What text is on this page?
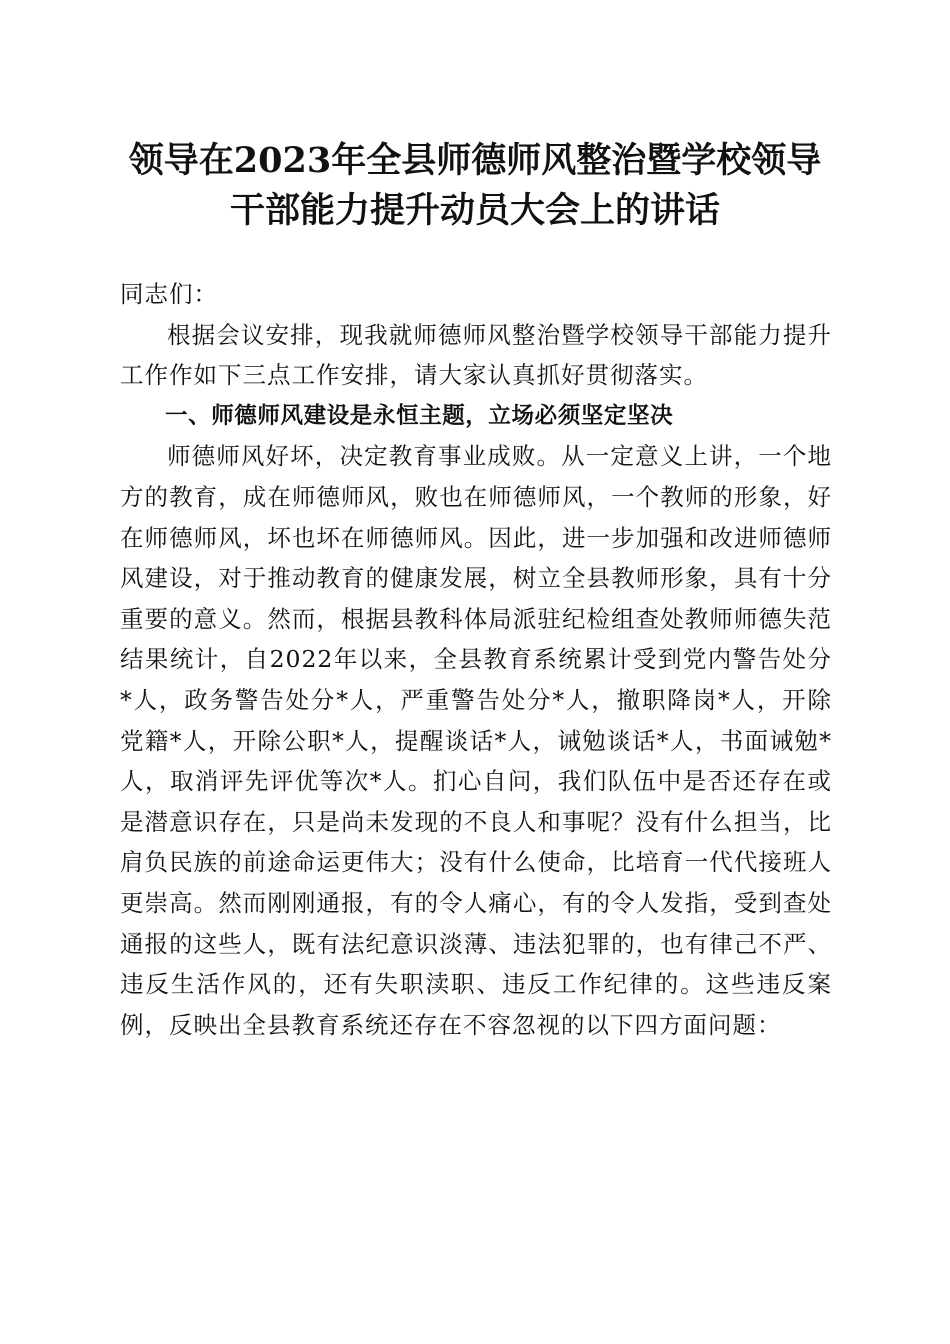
领导在2023年全县师德师风整治暨学校领导
干部能力提升动员大会上的讲话

同志们：

根据会议安排，现我就师德师风整治暨学校领导干部能力提升工作作如下三点工作安排，请大家认真抓好贯彻落实。

一、师德师风建设是永恒主题，立场必须坚定坚决

师德师风好坏，决定教育事业成败。从一定意义上讲，一个地方的教育，成在师德师风，败也在师德师风，一个教师的形象，好在师德师风，坏也坏在师德师风。因此，进一步加强和改进师德师风建设，对于推动教育的健康发展，树立全县教师形象，具有十分重要的意义。然而，根据县教科体局派驻纪检组查处教师师德失范结果统计，自2022年以来，全县教育系统累计受到党内警告处分*人，政务警告处分*人，严重警告处分*人，撤职降岗*人，开除党籍*人，开除公职*人，提醒谈话*人，诫勉谈话*人，书面诫勉*人，取消评先评优等次*人。扪心自问，我们队伍中是否还存在或是潜意识存在，只是尚未发现的不良人和事呢？没有什么担当，比肩负民族的前途命运更伟大；没有什么使命，比培育一代代接班人更崇高。然而刚刚通报，有的令人痛心，有的令人发指，受到查处通报的这些人，既有法纪意识淡薄、违法犯罪的，也有律己不严、违反生活作风的，还有失职渎职、违反工作纪律的。这些违反案例，反映出全县教育系统还存在不容忽视的以下四方面问题：
